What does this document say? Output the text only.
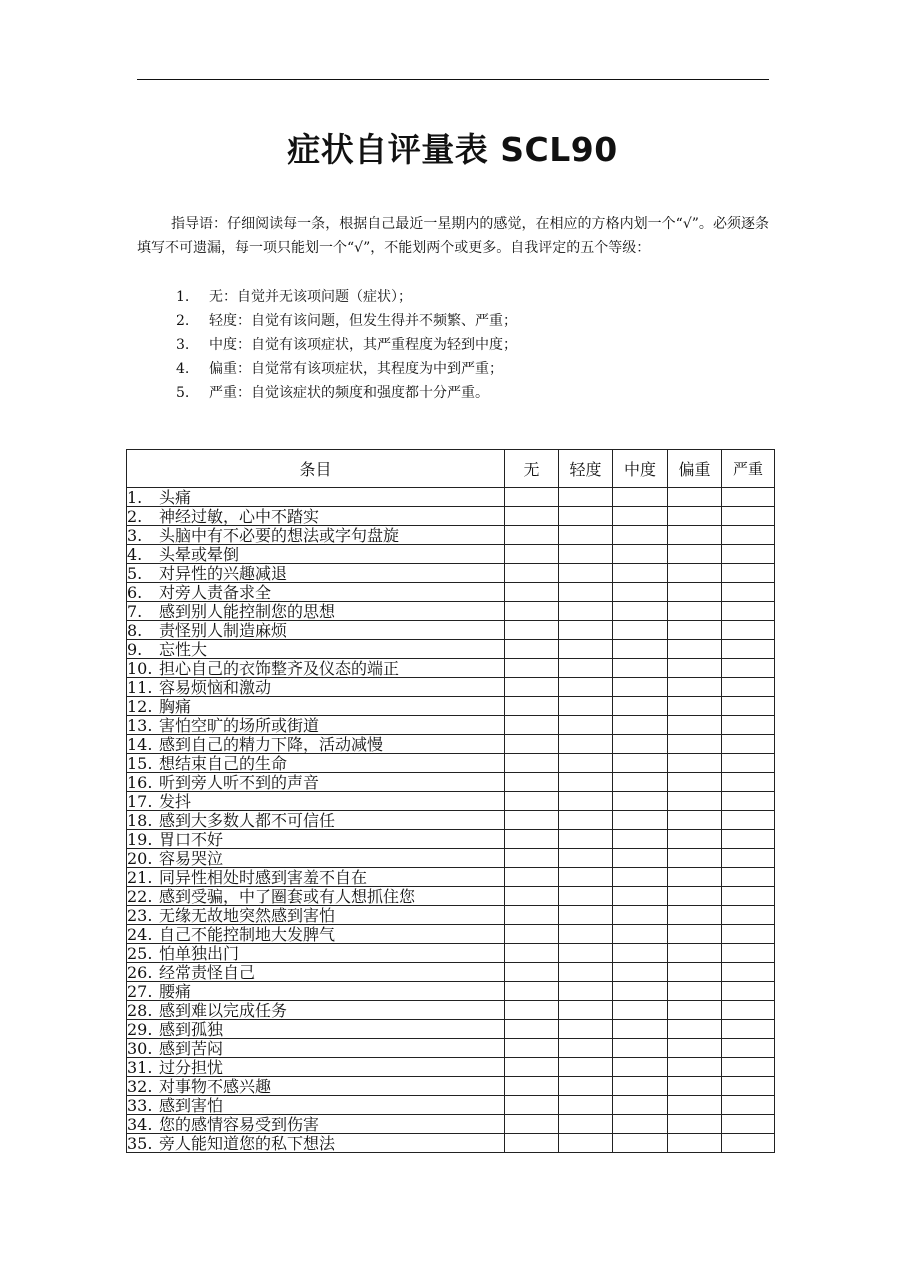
症状自评量表 SCL90

指导语：仔细阅读每一条，根据自己最近一星期内的感觉，在相应的方格内划一个“√”。必须逐条填写不可遗漏，每一项只能划一个“√”，不能划两个或更多。自我评定的五个等级：

1.	无：自觉并无该项问题（症状）；
2.	轻度：自觉有该问题，但发生得并不频繁、严重；
3.	中度：自觉有该项症状，其严重程度为轻到中度；
4.	偏重：自觉常有该项症状，其程度为中到严重；
5.	严重：自觉该症状的频度和强度都十分严重。
条目	无	轻度	中度	偏重	严重
1. 头痛					
2. 神经过敏，心中不踏实					
3. 头脑中有不必要的想法或字句盘旋					
4. 头晕或晕倒					
5. 对异性的兴趣减退					
6. 对旁人责备求全					
7. 感到别人能控制您的思想					
8. 责怪别人制造麻烦					
9. 忘性大					
10. 担心自己的衣饰整齐及仪态的端正					
11. 容易烦恼和激动					
12. 胸痛					
13. 害怕空旷的场所或街道					
14. 感到自己的精力下降，活动减慢					
15. 想结束自己的生命					
16. 听到旁人听不到的声音					
17. 发抖					
18. 感到大多数人都不可信任					
19. 胃口不好					
20. 容易哭泣					
21. 同异性相处时感到害羞不自在					
22. 感到受骗，中了圈套或有人想抓住您					
23. 无缘无故地突然感到害怕					
24. 自己不能控制地大发脾气					
25. 怕单独出门					
26. 经常责怪自己					
27. 腰痛					
28. 感到难以完成任务					
29. 感到孤独					
30. 感到苦闷					
31. 过分担忧					
32. 对事物不感兴趣					
33. 感到害怕					
34. 您的感情容易受到伤害					
35. 旁人能知道您的私下想法					
